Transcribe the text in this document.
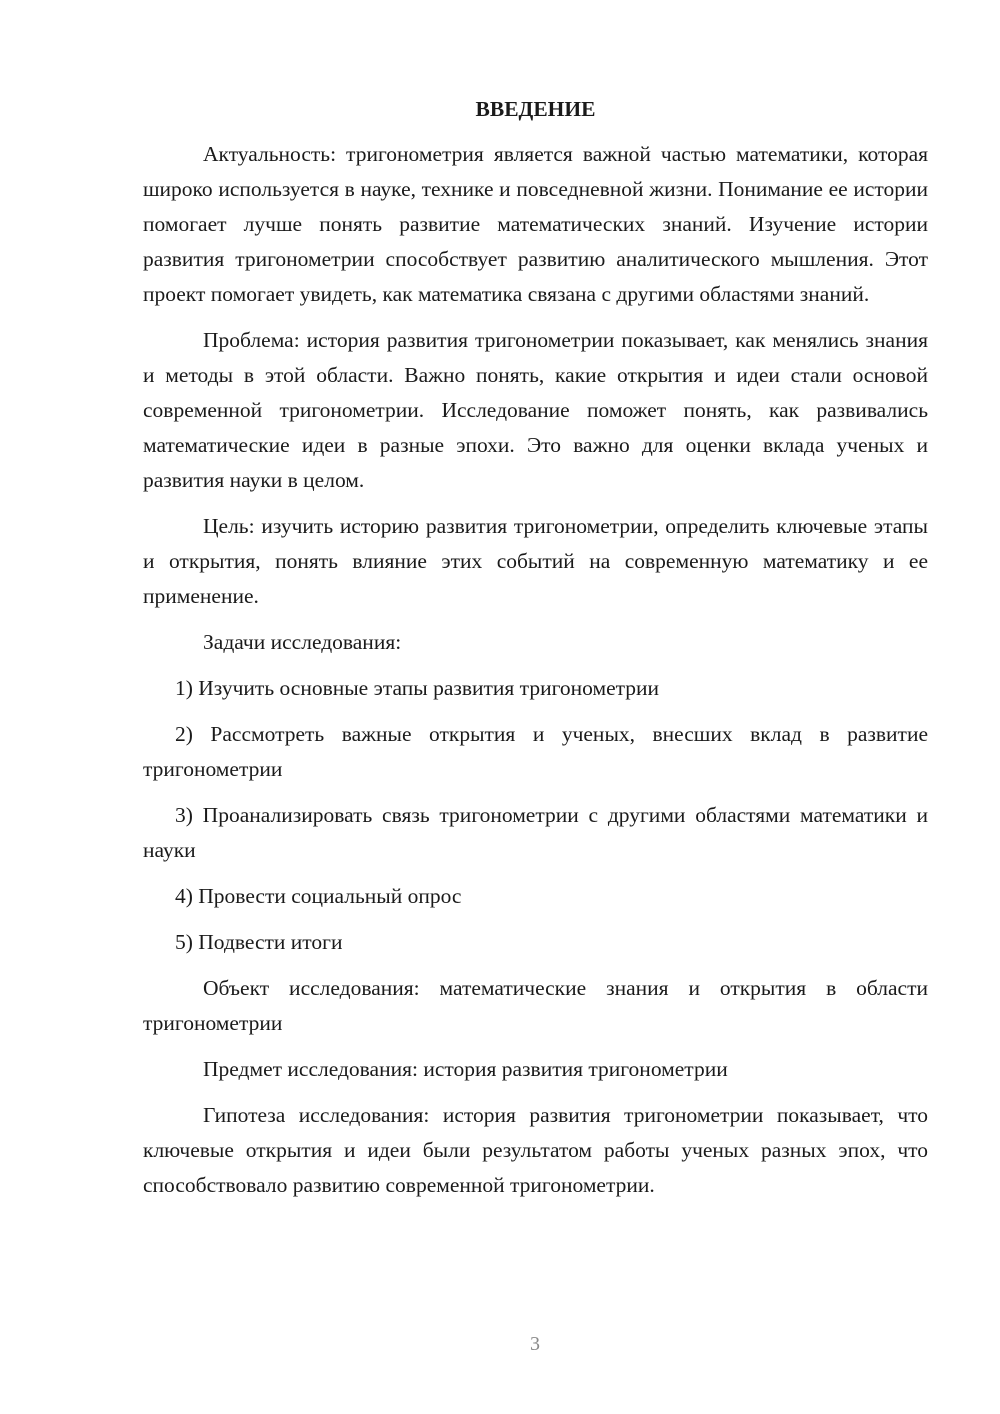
ВВЕДЕНИЕ

Актуальность: тригонометрия является важной частью математики, которая широко используется в науке, технике и повседневной жизни. Понимание ее истории помогает лучше понять развитие математических знаний. Изучение истории развития тригонометрии способствует развитию аналитического мышления. Этот проект помогает увидеть, как математика связана с другими областями знаний.

Проблема: история развития тригонометрии показывает, как менялись знания и методы в этой области. Важно понять, какие открытия и идеи стали основой современной тригонометрии. Исследование поможет понять, как развивались математические идеи в разные эпохи. Это важно для оценки вклада ученых и развития науки в целом.

Цель: изучить историю развития тригонометрии, определить ключевые этапы и открытия, понять влияние этих событий на современную математику и ее применение.

Задачи исследования:

1) Изучить основные этапы развития тригонометрии

2) Рассмотреть важные открытия и ученых, внесших вклад в развитие тригонометрии

3) Проанализировать связь тригонометрии с другими областями математики и науки

4) Провести социальный опрос

5) Подвести итоги

Объект исследования: математические знания и открытия в области тригонометрии

Предмет исследования: история развития тригонометрии

Гипотеза исследования: история развития тригонометрии показывает, что ключевые открытия и идеи были результатом работы ученых разных эпох, что способствовало развитию современной тригонометрии.

3
